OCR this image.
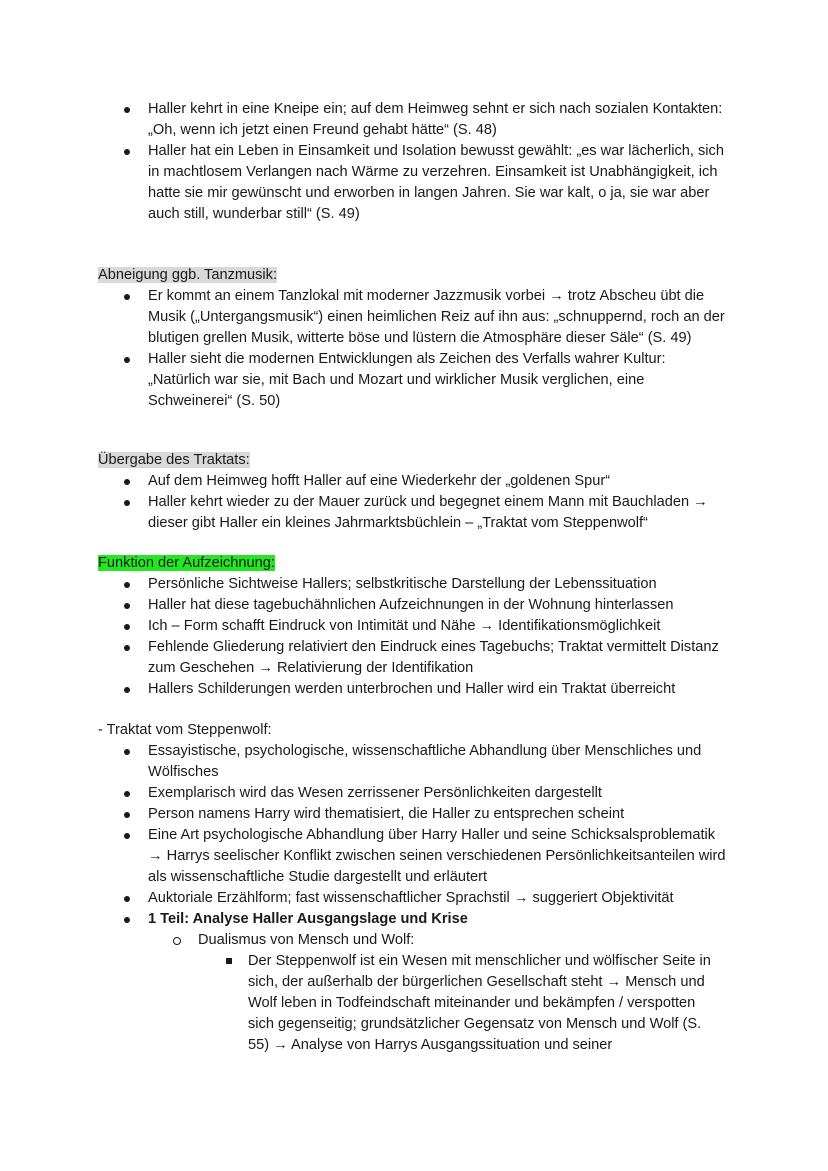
Haller kehrt in eine Kneipe ein; auf dem Heimweg sehnt er sich nach sozialen Kontakten: „Oh, wenn ich jetzt einen Freund gehabt hätte“ (S. 48)
Haller hat ein Leben in Einsamkeit und Isolation bewusst gewählt: „es war lächerlich, sich in machtlosem Verlangen nach Wärme zu verzehren. Einsamkeit ist Unabhängigkeit, ich hatte sie mir gewünscht und erworben in langen Jahren. Sie war kalt, o ja, sie war aber auch still, wunderbar still“ (S. 49)
Abneigung ggb. Tanzmusik:
Er kommt an einem Tanzlokal mit moderner Jazzmusik vorbei → trotz Abscheu übt die Musik („Untergangsmusik“) einen heimlichen Reiz auf ihn aus: „schnuppernd, roch an der blutigen grellen Musik, witterte böse und lüstern die Atmosphäre dieser Säle“ (S. 49)
Haller sieht die modernen Entwicklungen als Zeichen des Verfalls wahrer Kultur: „Natürlich war sie, mit Bach und Mozart und wirklicher Musik verglichen, eine Schweinerei“ (S. 50)
Übergabe des Traktats:
Auf dem Heimweg hofft Haller auf eine Wiederkehr der „goldenen Spur“
Haller kehrt wieder zu der Mauer zurück und begegnet einem Mann mit Bauchladen → dieser gibt Haller ein kleines Jahrmarktsbüchlein – „Traktat vom Steppenwolf“
Funktion der Aufzeichnung:
Persönliche Sichtweise Hallers; selbstkritische Darstellung der Lebenssituation
Haller hat diese tagebuchähnlichen Aufzeichnungen in der Wohnung hinterlassen
Ich – Form schafft Eindruck von Intimität und Nähe → Identifikationsmöglichkeit
Fehlende Gliederung relativiert den Eindruck eines Tagebuchs; Traktat vermittelt Distanz zum Geschehen → Relativierung der Identifikation
Hallers Schilderungen werden unterbrochen und Haller wird ein Traktat überreicht
- Traktat vom Steppenwolf:
Essayistische, psychologische, wissenschaftliche Abhandlung über Menschliches und Wölfisches
Exemplarisch wird das Wesen zerrissener Persönlichkeiten dargestellt
Person namens Harry wird thematisiert, die Haller zu entsprechen scheint
Eine Art psychologische Abhandlung über Harry Haller und seine Schicksalsproblematik → Harrys seelischer Konflikt zwischen seinen verschiedenen Persönlichkeitsanteilen wird als wissenschaftliche Studie dargestellt und erläutert
Auktoriale Erzählform; fast wissenschaftlicher Sprachstil → suggeriert Objektivität
1 Teil: Analyse Haller Ausgangslage und Krise
Dualismus von Mensch und Wolf:
Der Steppenwolf ist ein Wesen mit menschlicher und wölfischer Seite in sich, der außerhalb der bürgerlichen Gesellschaft steht → Mensch und Wolf leben in Todfeindschaft miteinander und bekämpfen / verspotten sich gegenseitig; grundsätzlicher Gegensatz von Mensch und Wolf (S. 55) → Analyse von Harrys Ausgangssituation und seiner
